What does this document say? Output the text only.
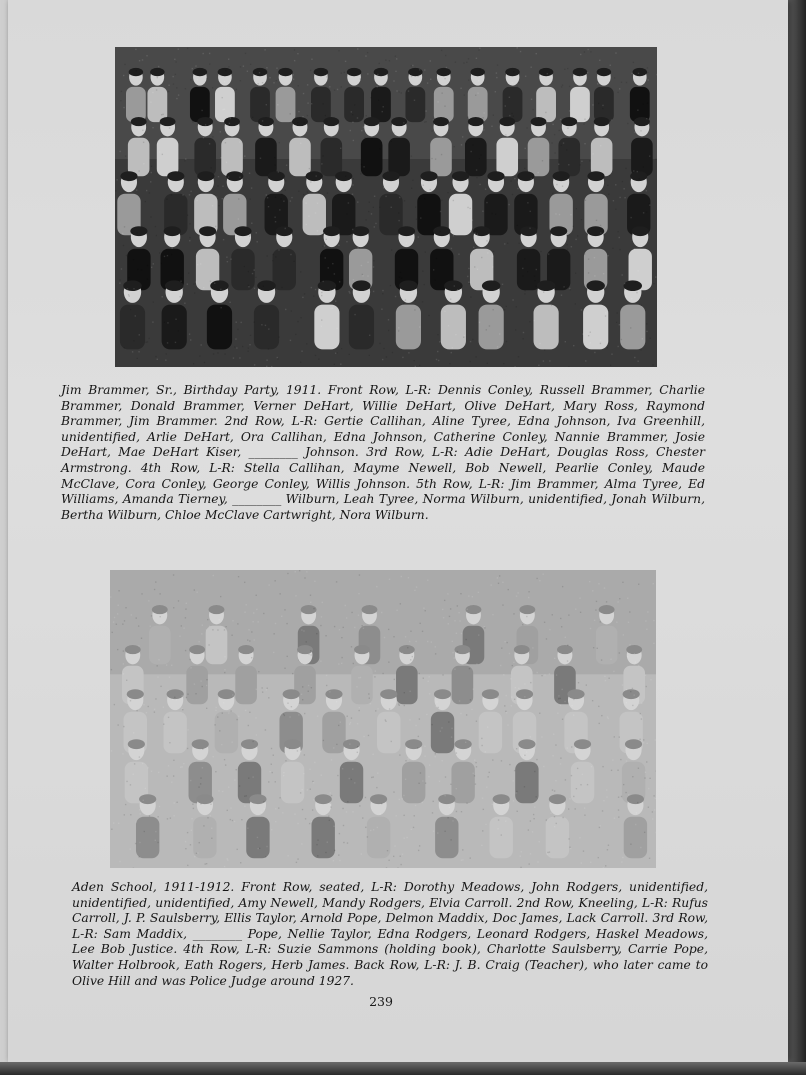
Jim Brammer, Sr., Birthday Party, 1911. Front Row, L-R: Dennis Conley, Russell Brammer, Charlie Brammer, Donald Brammer, Verner DeHart, Willie DeHart, Olive DeHart, Mary Ross, Raymond Brammer, Jim Brammer. 2nd Row, L-R: Gertie Callihan, Aline Tyree, Edna Johnson, Iva Greenhill, unidentified, Arlie DeHart, Ora Callihan, Edna Johnson, Catherine Conley, Nannie Brammer, Josie DeHart, Mae DeHart Kiser, ________ Johnson. 3rd Row, L-R: Adie DeHart, Douglas Ross, Chester Armstrong. 4th Row, L-R: Stella Callihan, Mayme Newell, Bob Newell, Pearlie Conley, Maude McClave, Cora Conley, George Conley, Willis Johnson. 5th Row, L-R: Jim Brammer, Alma Tyree, Ed Williams, Amanda Tierney, ________ Wilburn, Leah Tyree, Norma Wilburn, unidentified, Jonah Wilburn, Bertha Wilburn, Chloe McClave Cartwright, Nora Wilburn.

Aden School, 1911-1912. Front Row, seated, L-R: Dorothy Meadows, John Rodgers, unidentified, unidentified, unidentified, Amy Newell, Mandy Rodgers, Elvia Carroll. 2nd Row, Kneeling, L-R: Rufus Carroll, J. P. Saulsberry, Ellis Taylor, Arnold Pope, Delmon Maddix, Doc James, Lack Carroll. 3rd Row, L-R: Sam Maddix, ________ Pope, Nellie Taylor, Edna Rodgers, Leonard Rodgers, Haskel Meadows, Lee Bob Justice. 4th Row, L-R: Suzie Sammons (holding book), Charlotte Saulsberry, Carrie Pope, Walter Holbrook, Eath Rogers, Herb James. Back Row, L-R: J. B. Craig (Teacher), who later came to Olive Hill and was Police Judge around 1927.

239
